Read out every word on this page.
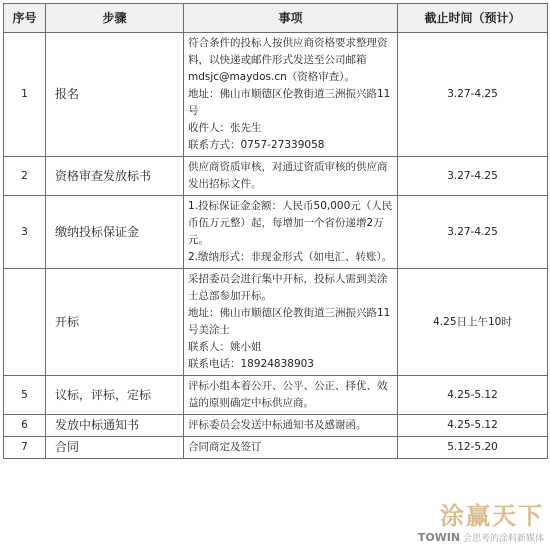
序号	步骤	事项	截止时间（预计）
1	报名	符合条件的投标人按供应商资格要求整理资料，以快递或邮件形式发送至公司邮箱mdsjc@maydos.cn（资格审查）。

地址：佛山市顺德区伦教街道三洲振兴路11号

收件人：张先生

联系方式：0757-27339058	3.27-4.25
2	资格审查发放标书	供应商资质审核，对通过资质审核的供应商发出招标文件。	3.27-4.25
3	缴纳投标保证金	1.投标保证金金额：人民币50,000元（人民币伍万元整）起，每增加一个省份递增2万元。

2.缴纳形式：非现金形式（如电汇、转账）。	3.27-4.25
	开标	采招委员会进行集中开标，投标人需到美涂士总部参加开标。

地址：佛山市顺德区伦教街道三洲振兴路11号美涂士

联系人：姚小姐

联系电话：18924838903	4.25日上午10时
5	议标，评标，定标	评标小组本着公开、公平、公正、择优、效益的原则确定中标供应商。	4.25-5.12
6	发放中标通知书	评标委员会发送中标通知书及感谢函。	4.25-5.12
7	合同	合同商定及签订	5.12-5.20
涂赢天下
TOWIN 会思考的涂料新媒体
